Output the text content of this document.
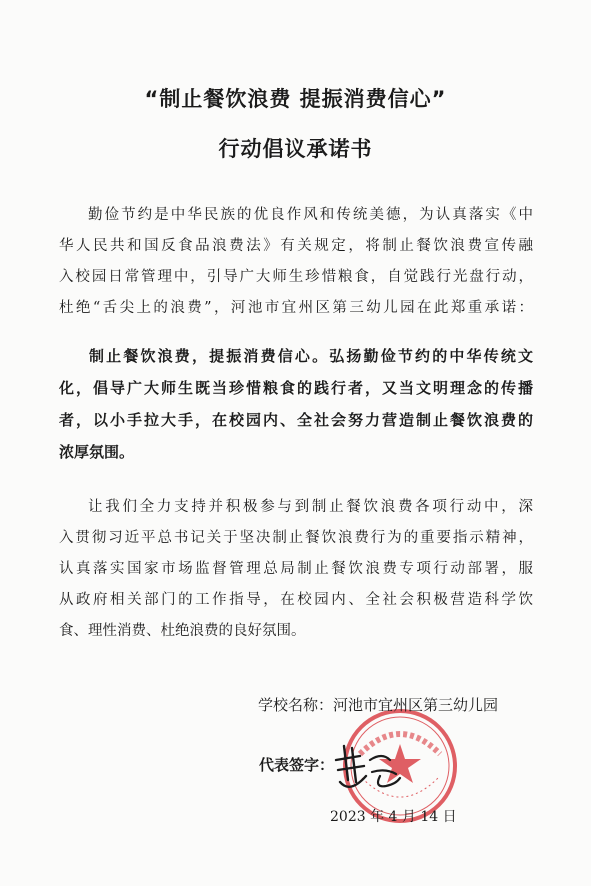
“制止餐饮浪费 提振消费信心”
行动倡议承诺书
勤俭节约是中华民族的优良作风和传统美德，为认真落实《中
华人民共和国反食品浪费法》有关规定，将制止餐饮浪费宣传融
入校园日常管理中，引导广大师生珍惜粮食，自觉践行光盘行动，
杜绝“舌尖上的浪费”，河池市宜州区第三幼儿园在此郑重承诺：
制止餐饮浪费，提振消费信心。弘扬勤俭节约的中华传统文
化，倡导广大师生既当珍惜粮食的践行者，又当文明理念的传播
者，以小手拉大手，在校园内、全社会努力营造制止餐饮浪费的
浓厚氛围。
让我们全力支持并积极参与到制止餐饮浪费各项行动中，深
入贯彻习近平总书记关于坚决制止餐饮浪费行为的重要指示精神，
认真落实国家市场监督管理总局制止餐饮浪费专项行动部署，服
从政府相关部门的工作指导，在校园内、全社会积极营造科学饮
食、理性消费、杜绝浪费的良好氛围。
学校名称：河池市宜州区第三幼儿园
代表签字：
2023 年 4 月 14 日
